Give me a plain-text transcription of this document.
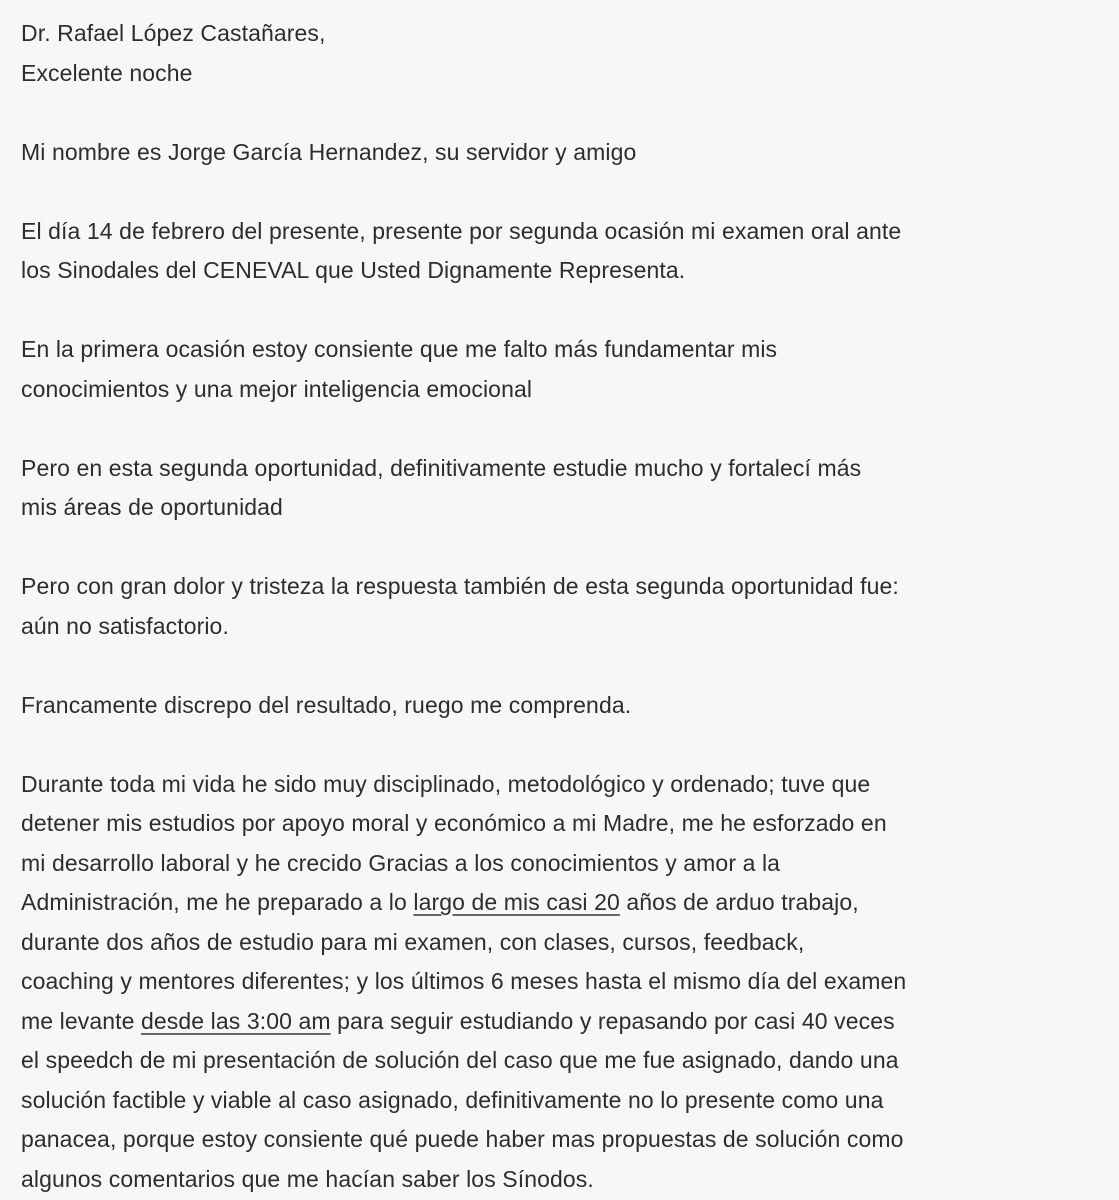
Dr. Rafael López Castañares,
Excelente noche
Mi nombre es Jorge García Hernandez, su servidor y amigo
El día 14 de febrero del presente, presente por segunda ocasión mi examen oral ante
los Sinodales del CENEVAL que Usted Dignamente Representa.
En la primera ocasión estoy consiente que me falto más fundamentar mis
conocimientos y una mejor inteligencia emocional
Pero en esta segunda oportunidad, definitivamente estudie mucho y fortalecí más
mis áreas de oportunidad
Pero con gran dolor y tristeza la respuesta también de esta segunda oportunidad fue:
aún no satisfactorio.
Francamente discrepo del resultado, ruego me comprenda.
Durante toda mi vida he sido muy disciplinado, metodológico y ordenado; tuve que
detener mis estudios por apoyo moral y económico a mi Madre, me he esforzado en
mi desarrollo laboral y he crecido Gracias a los conocimientos y amor a la
Administración, me he preparado a lo largo de mis casi 20 años de arduo trabajo,
durante dos años de estudio para mi examen, con clases, cursos, feedback,
coaching y mentores diferentes; y los últimos 6 meses hasta el mismo día del examen
me levante desde las 3:00 am para seguir estudiando y repasando por casi 40 veces
el speedch de mi presentación de solución del caso que me fue asignado, dando una
solución factible y viable al caso asignado, definitivamente no lo presente como una
panacea, porque estoy consiente qué puede haber mas propuestas de solución como
algunos comentarios que me hacían saber los Sínodos.
